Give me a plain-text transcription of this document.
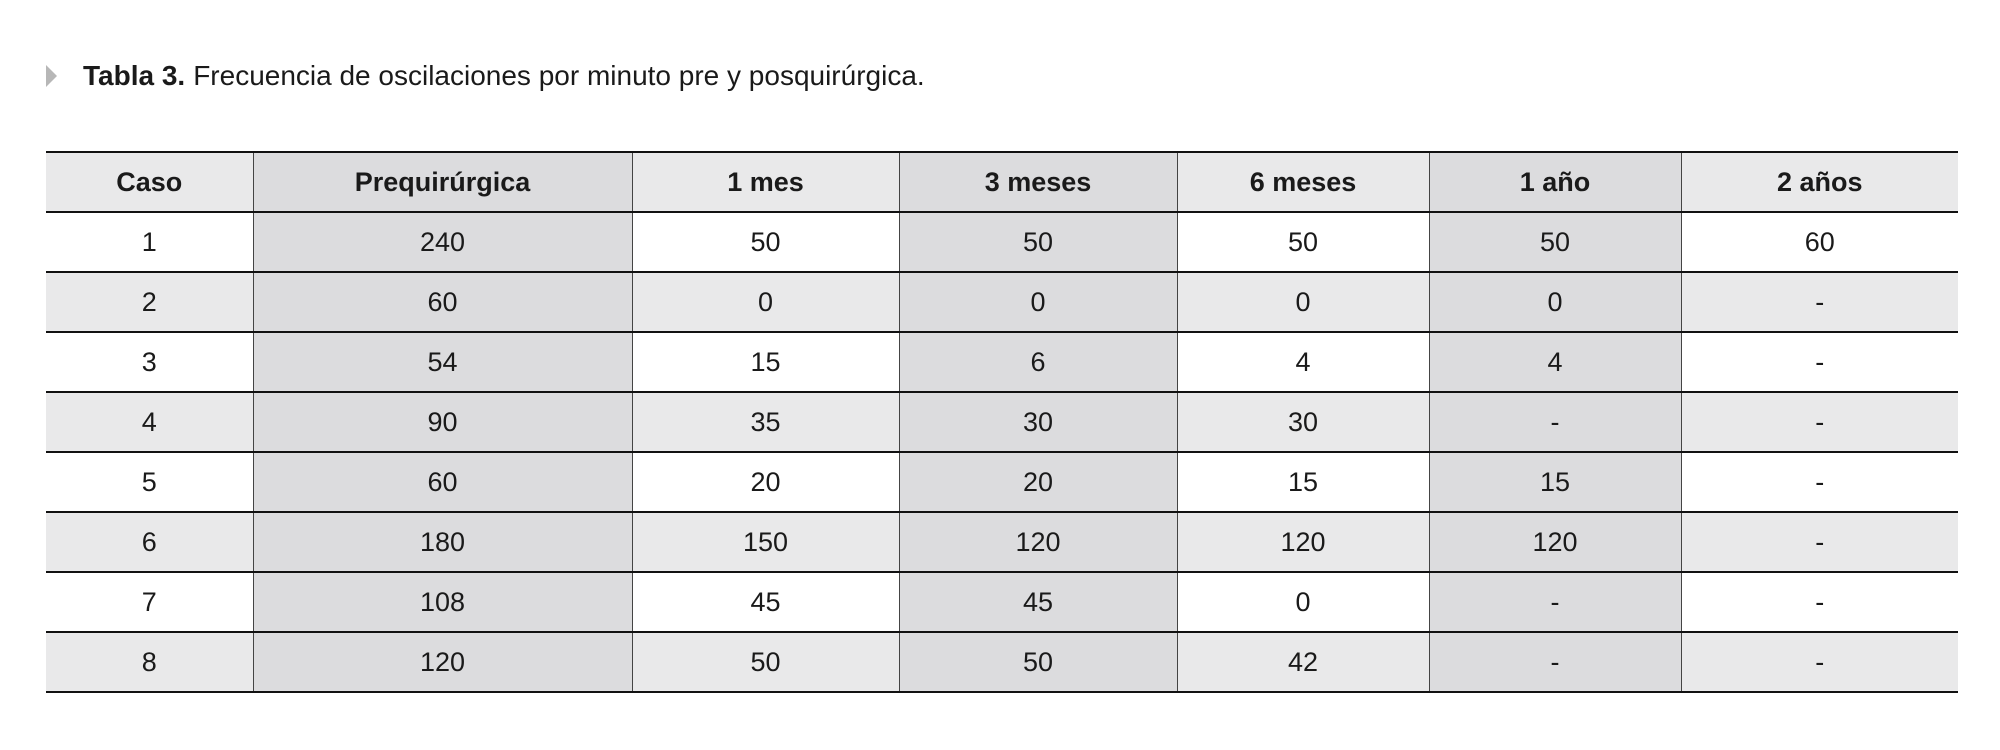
Tabla 3. Frecuencia de oscilaciones por minuto pre y posquirúrgica.
Caso	Prequirúrgica	1 mes	3 meses	6 meses	1 año	2 años
1	240	50	50	50	50	60
2	60	0	0	0	0	-
3	54	15	6	4	4	-
4	90	35	30	30	-	-
5	60	20	20	15	15	-
6	180	150	120	120	120	-
7	108	45	45	0	-	-
8	120	50	50	42	-	-
